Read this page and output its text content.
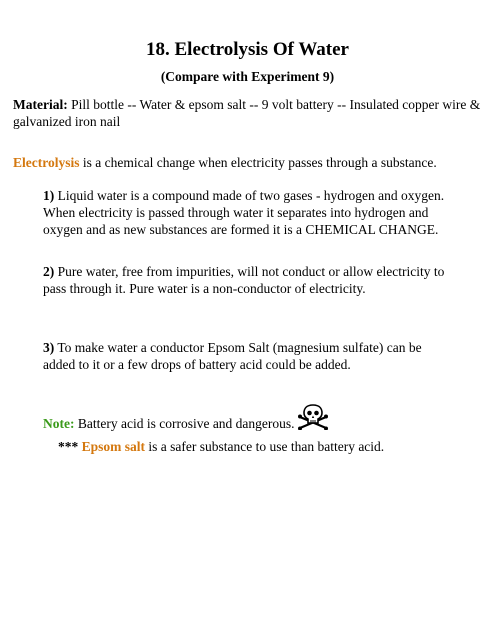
18. Electrolysis Of Water
(Compare with Experiment 9)

Material: Pill bottle -- Water & epsom salt -- 9 volt battery -- Insulated copper wire & galvanized iron nail

Electrolysis is a chemical change when electricity passes through a substance.

1) Liquid water is a compound made of two gases - hydrogen and oxygen. When electricity is passed through water it separates into hydrogen and oxygen and as new substances are formed it is a CHEMICAL CHANGE.

2) Pure water, free from impurities, will not conduct or allow electricity to pass through it. Pure water is a non-conductor of electricity.

3) To make water a conductor Epsom Salt (magnesium sulfate) can be added to it or a few drops of battery acid could be added.

Note: Battery acid is corrosive and dangerous.

*** Epsom salt is a safer substance to use than battery acid.
